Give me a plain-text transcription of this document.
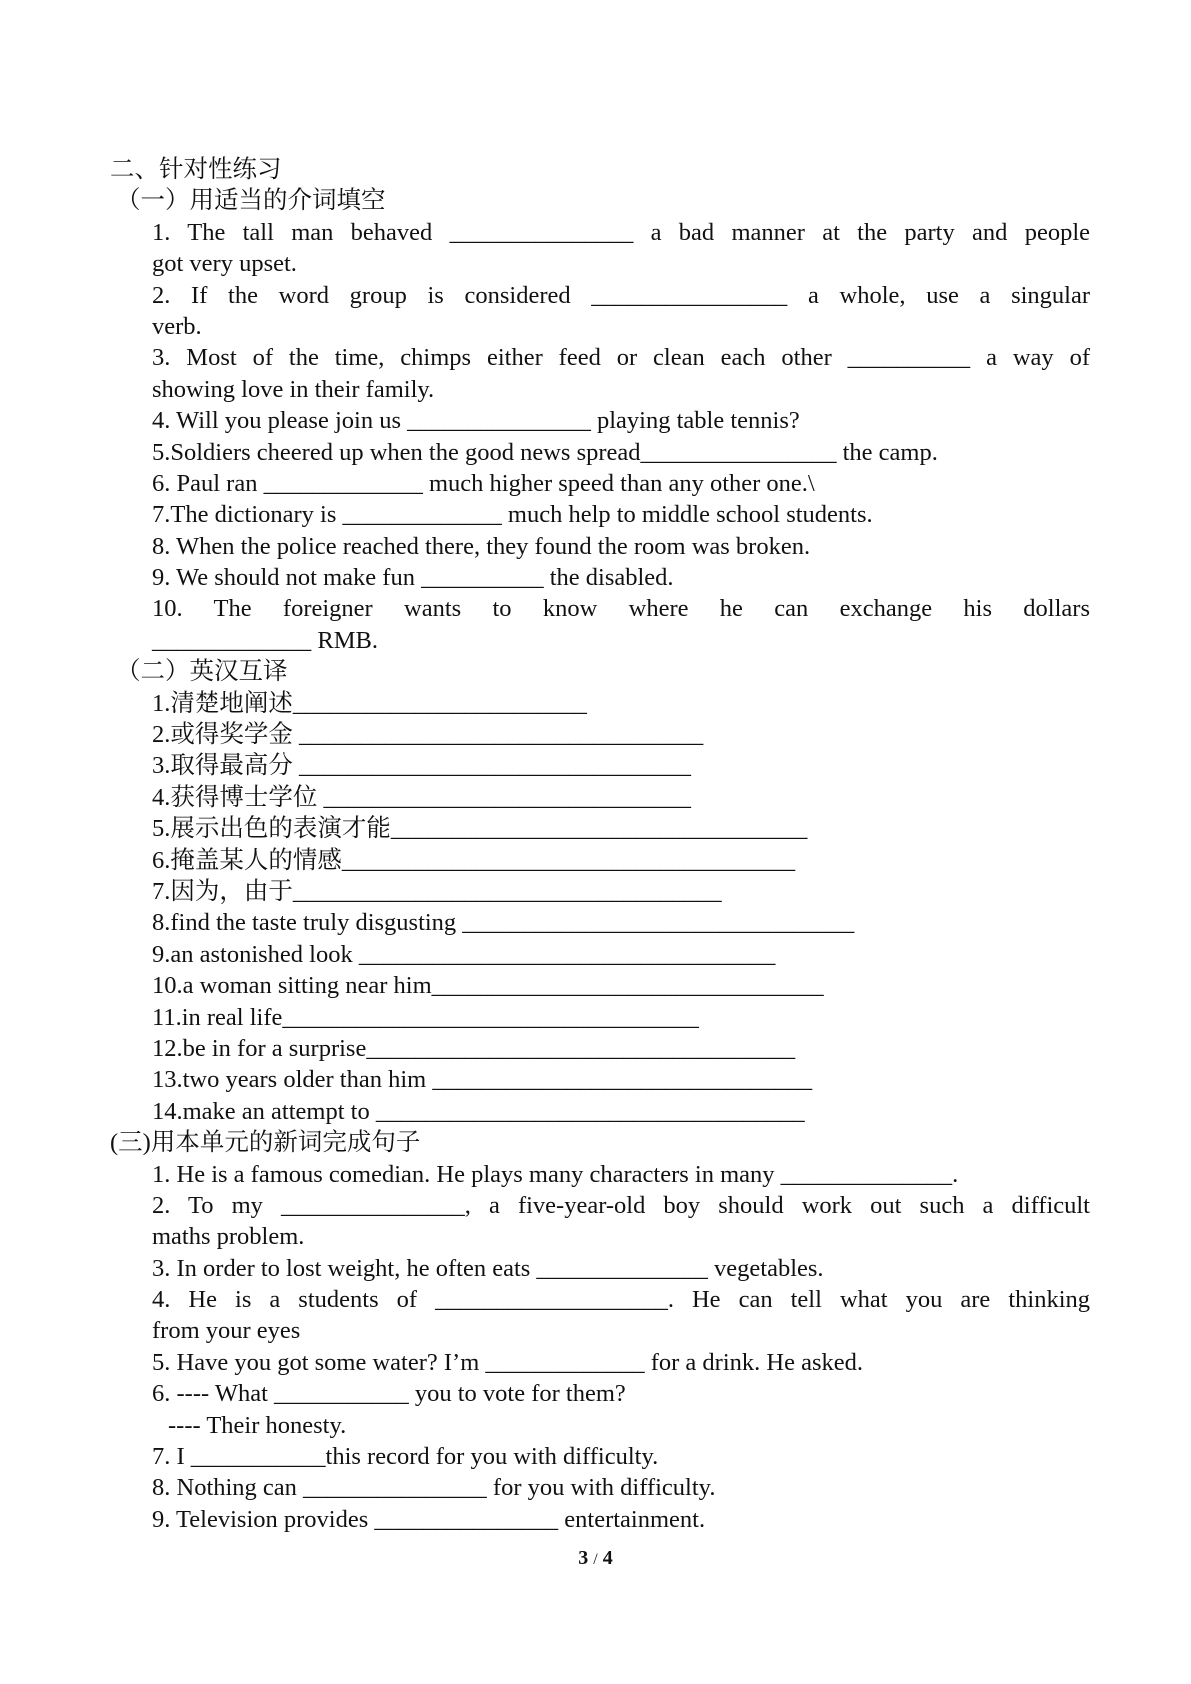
二、针对性练习
（一）用适当的介词填空
1. The tall man behaved _______________ a bad manner at the party and people
got very upset.
2. If the word group is considered ________________ a whole, use a singular
verb.
3. Most of the time, chimps either feed or clean each other __________ a way of
showing love in their family.
4. Will you please join us _______________ playing table tennis?
5.Soldiers cheered up when the good news spread________________ the camp.
6. Paul ran _____________ much higher speed than any other one.\
7.The dictionary is _____________ much help to middle school students.
8. When the police reached there, they found the room was broken.
9. We should not make fun __________ the disabled.
10. The foreigner wants to know where he can exchange his dollars
_____________ RMB.
（二）英汉互译
1.清楚地阐述________________________
2.或得奖学金 _________________________________
3.取得最高分 ________________________________
4.获得博士学位 ______________________________
5.展示出色的表演才能__________________________________
6.掩盖某人的情感_____________________________________
7.因为，由于___________________________________
8.find the taste truly disgusting ________________________________
9.an astonished look __________________________________
10.a woman sitting near him________________________________
11.in real life__________________________________
12.be in for a surprise___________________________________
13.two years older than him _______________________________
14.make an attempt to ___________________________________
(三)用本单元的新词完成句子
1. He is a famous comedian. He plays many characters in many ______________.
2. To my _______________, a five-year-old boy should work out such a difficult
maths problem.
3. In order to lost weight, he often eats ______________ vegetables.
4. He is a students of ___________________. He can tell what you are thinking
from your eyes
5. Have you got some water? I’m _____________ for a drink. He asked.
6. ---- What ___________ you to vote for them?
---- Their honesty.
7. I ___________this record for you with difficulty.
8. Nothing can _______________ for you with difficulty.
9. Television provides _______________ entertainment.
3 / 4
